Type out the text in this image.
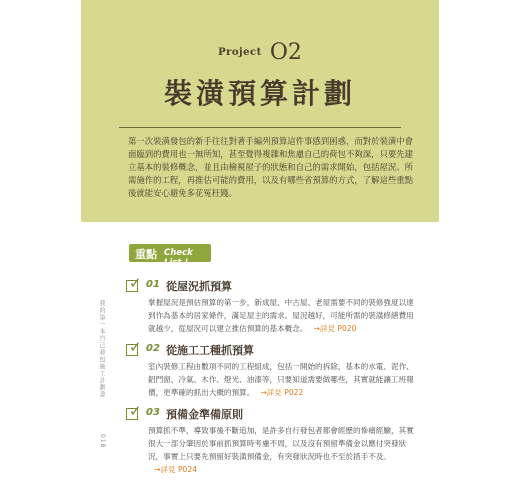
Project O2
裝潢預算計劃

第一次裝潢發包的新手往往對著手編列預算這件事感到困惑，而對於裝潢中會面臨到的費用也一無所知，甚至覺得複雜和焦慮自己的荷包不夠深，只要先建立基本的裝修概念，並且由檢視屋子的狀態和自己的需求開始，包括屋況、所需施作的工程，再推估可能的費用，以及有哪些省預算的方式，了解這些重點後就能安心避免多花冤枉錢。

重點 Check List !
✓ 01 從屋況抓預算

掌握屋況是預估預算的第一步，新成屋、中古屋、老屋需要不同的裝修強度以達到作為基本的居家條件，滿足屋主的需求。屋況越好，可能所需的裝潢修繕費用就越少，從屋況可以建立推估預算的基本概念。 →詳見 P020

✓ 02 從施工工種抓預算

室內裝修工程由數項不同的工程組成，包括一開始的拆除，基本的水電、泥作、鋁門窗、冷氣、木作、燈光、油漆等，只要知道需要做哪些，其實就能讓工班報價，更準確的抓出大概的預算。 →詳見 P022

✓ 03 預備金準備原則

預算抓不準，導致事後不斷追加，是許多自行發包者都會經歷的慘痛經驗，其實很大一部分肇因於事前抓預算時考慮不周，以及沒有預留準備金以應付突發狀況，事實上只要先預留好裝潢預備金，有突發狀況時也不至於措手不及。→詳見 P024

我的第一本自己發包施工計劃書
018
